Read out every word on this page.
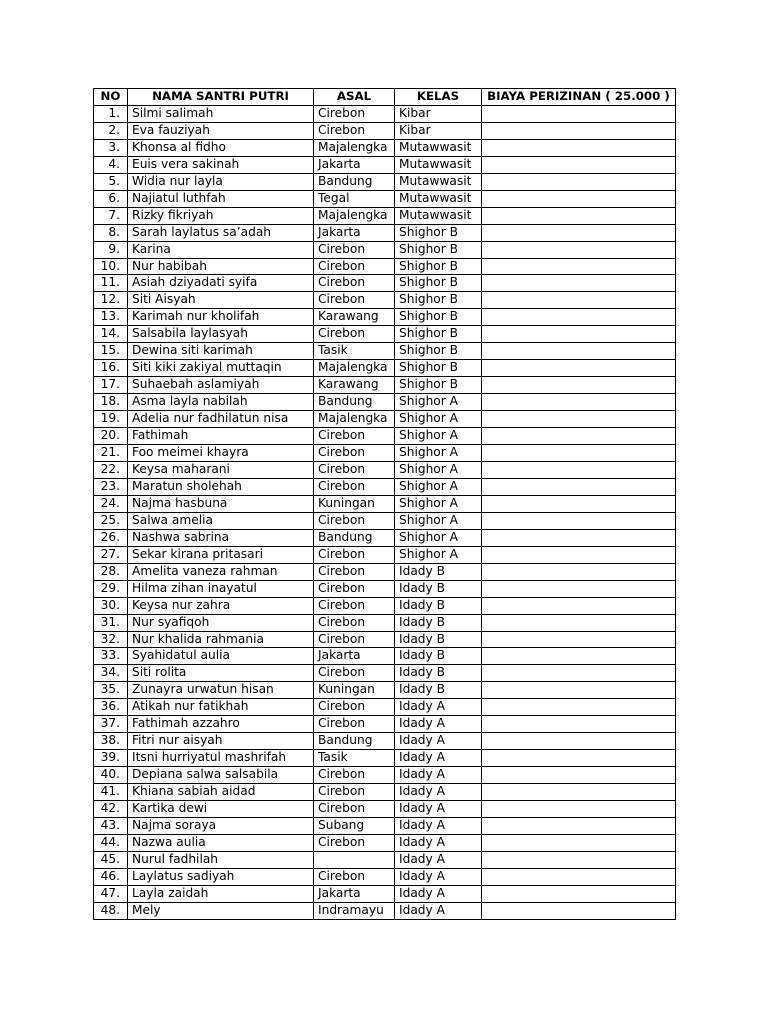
NO	NAMA SANTRI PUTRI	ASAL	KELAS	BIAYA PERIZINAN ( 25.000 )
1.	Silmi salimah	Cirebon	Kibar	
2.	Eva fauziyah	Cirebon	Kibar	
3.	Khonsa al fidho	Majalengka	Mutawwasit	
4.	Euis vera sakinah	Jakarta	Mutawwasit	
5.	Widia nur layla	Bandung	Mutawwasit	
6.	Najiatul luthfah	Tegal	Mutawwasit	
7.	Rizky fikriyah	Majalengka	Mutawwasit	
8.	Sarah laylatus sa’adah	Jakarta	Shighor B	
9.	Karina	Cirebon	Shighor B	
10.	Nur habibah	Cirebon	Shighor B	
11.	Asiah dziyadati syifa	Cirebon	Shighor B	
12.	Siti Aisyah	Cirebon	Shighor B	
13.	Karimah nur kholifah	Karawang	Shighor B	
14.	Salsabila laylasyah	Cirebon	Shighor B	
15.	Dewina siti karimah	Tasik	Shighor B	
16.	Siti kiki zakiyal muttaqin	Majalengka	Shighor B	
17.	Suhaebah aslamiyah	Karawang	Shighor B	
18.	Asma layla nabilah	Bandung	Shighor A	
19.	Adelia nur fadhilatun nisa	Majalengka	Shighor A	
20.	Fathimah	Cirebon	Shighor A	
21.	Foo meimei khayra	Cirebon	Shighor A	
22.	Keysa maharani	Cirebon	Shighor A	
23.	Maratun sholehah	Cirebon	Shighor A	
24.	Najma hasbuna	Kuningan	Shighor A	
25.	Salwa amelia	Cirebon	Shighor A	
26.	Nashwa sabrina	Bandung	Shighor A	
27.	Sekar kirana pritasari	Cirebon	Shighor A	
28.	Amelita vaneza rahman	Cirebon	Idady B	
29.	Hilma zihan inayatul	Cirebon	Idady B	
30.	Keysa nur zahra	Cirebon	Idady B	
31.	Nur syafiqoh	Cirebon	Idady B	
32.	Nur khalida rahmania	Cirebon	Idady B	
33.	Syahidatul aulia	Jakarta	Idady B	
34.	Siti rolita	Cirebon	Idady B	
35.	Zunayra urwatun hisan	Kuningan	Idady B	
36.	Atikah nur fatikhah	Cirebon	Idady A	
37.	Fathimah azzahro	Cirebon	Idady A	
38.	Fitri nur aisyah	Bandung	Idady A	
39.	Itsni hurriyatul mashrifah	Tasik	Idady A	
40.	Depiana salwa salsabila	Cirebon	Idady A	
41.	Khiana sabiah aidad	Cirebon	Idady A	
42.	Kartika dewi	Cirebon	Idady A	
43.	Najma soraya	Subang	Idady A	
44.	Nazwa aulia	Cirebon	Idady A	
45.	Nurul fadhilah		Idady A	
46.	Laylatus sadiyah	Cirebon	Idady A	
47.	Layla zaidah	Jakarta	Idady A	
48.	Mely	Indramayu	Idady A	
